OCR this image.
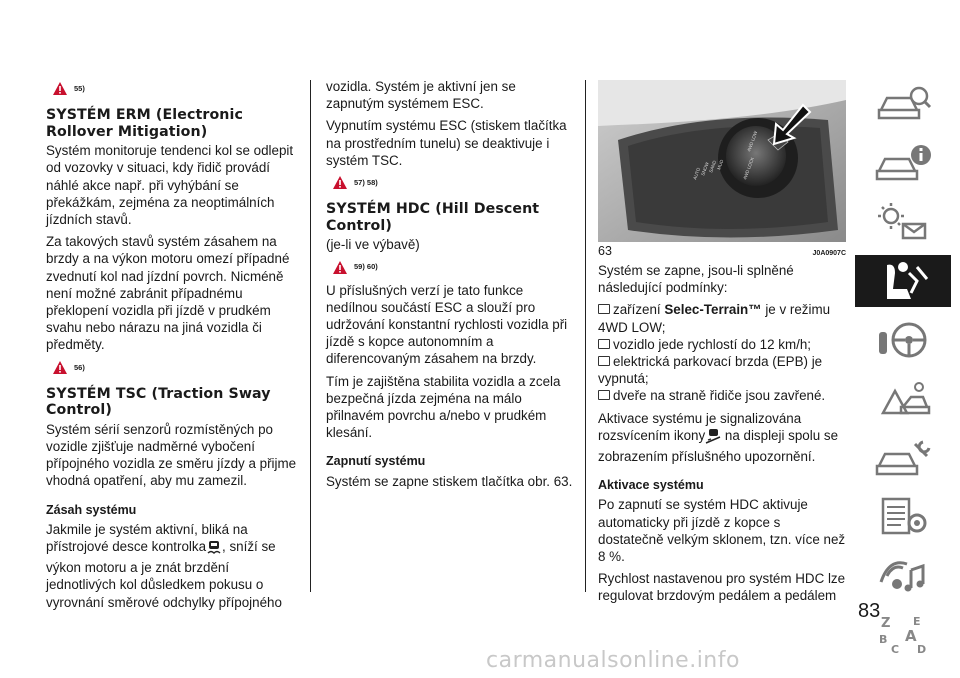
55)
SYSTÉM ERM (Electronic Rollover Mitigation)

Systém monitoruje tendenci kol se odlepit od vozovky v situaci, kdy řidič provádí náhlé akce např. při vyhýbání se překážkám, zejména za neoptimálních jízdních stavů.

Za takových stavů systém zásahem na brzdy a na výkon motoru omezí případné zvednutí kol nad jízdní povrch. Nicméně není možné zabránit případnému překlopení vozidla při jízdě v prudkém svahu nebo nárazu na jiná vozidla či předměty.

56)
SYSTÉM TSC (Traction Sway Control)

Systém sérií senzorů rozmístěných po vozidle zjišťuje nadměrné vybočení přípojného vozidla ze směru jízdy a přijme vhodná opatření, aby mu zamezil.

Zásah systému

Jakmile je systém aktivní, bliká na přístrojové desce kontrolka , sníží se výkon motoru a je znát brzdění jednotlivých kol důsledkem pokusu o vyrovnání směrové odchylky přípojného

vozidla. Systém je aktivní jen se zapnutým systémem ESC.

Vypnutím systému ESC (stiskem tlačítka na prostředním tunelu) se deaktivuje i systém TSC.

57) 58)
SYSTÉM HDC (Hill Descent Control)

(je-li ve výbavě)

59) 60)

U příslušných verzí je tato funkce nedílnou součástí ESC a slouží pro udržování konstantní rychlosti vozidla při jízdě s kopce autonomním a diferencovaným zásahem na brzdy.

Tím je zajištěna stabilita vozidla a zcela bezpečná jízda zejména na málo přilnavém povrchu a/nebo v prudkém klesání.

Zapnutí systému

Systém se zapne stiskem tlačítka obr. 63.

AUTO SNOW
SAND MUD
4WD LOW
4WD LOCK
63	J0A0907C

Systém se zapne, jsou-li splněné následující podmínky:

zařízení Selec-Terrain™ je v režimu 4WD LOW;

vozidlo jede rychlostí do 12 km/h;

elektrická parkovací brzda (EPB) je vypnutá;

dveře na straně řidiče jsou zavřené.

Aktivace systému je signalizována rozsvícením ikony na displeji spolu se zobrazením příslušného upozornění.

Aktivace systému

Po zapnutí se systém HDC aktivuje automaticky při jízdě z kopce s dostatečně velkým sklonem, tzn. více než 8 %.

Rychlost nastavenou pro systém HDC lze regulovat brzdovým pedálem a pedálem

Z E
B A
C D
83
carmanualsonline.info
